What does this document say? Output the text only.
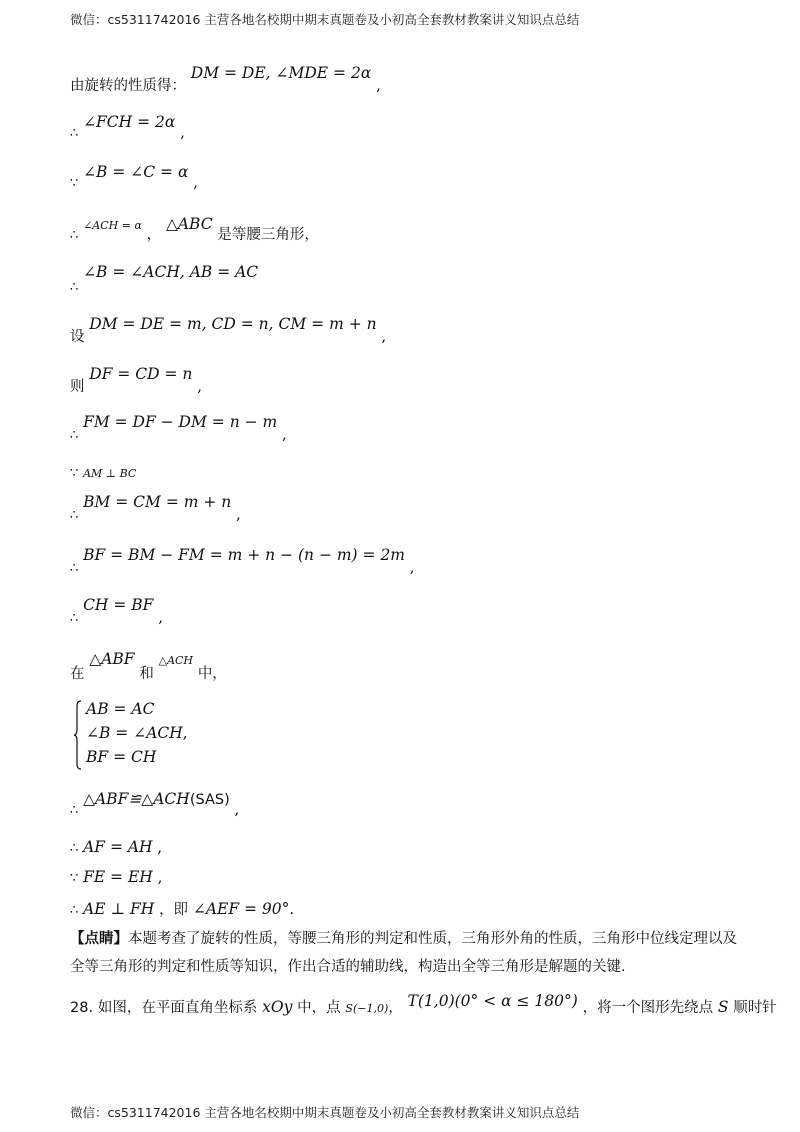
微信：cs5311742016 主营各地名校期中期末真题卷及小初高全套教材教案讲义知识点总结
由旋转的性质得： DM = DE, ∠MDE = 2α ,
∴ ∠FCH = 2α ,
∵ ∠B = ∠C = α ,
∴ ∠ACH = α ， △ABC 是等腰三角形，
∴ ∠B = ∠ACH, AB = AC
设 DM = DE = m, CD = n, CM = m + n ,
则 DF = CD = n ,
∴ FM = DF − DM = n − m ,
∵ AM ⊥ BC
∴ BM = CM = m + n ,
∴ BF = BM − FM = m + n − (n − m) = 2m ,
∴ CH = BF ,
在 △ABF 和 △ACH 中，
AB = AC
∠B = ∠ACH,
BF = CH
∴ △ABF≌△ACH(SAS) ,
∴ AF = AH ,
∵ FE = EH ,
∴ AE ⊥ FH ，即 ∠AEF = 90°.
【点睛】本题考查了旋转的性质，等腰三角形的判定和性质，三角形外角的性质，三角形中位线定理以及全等三角形的判定和性质等知识，作出合适的辅助线，构造出全等三角形是解题的关键.
28. 如图，在平面直角坐标系 xOy 中，点 $_{S(-1,0)}$， T(1,0)(0° < α ≤ 180°) ，将一个图形先绕点 S 顺时针
微信：cs5311742016 主营各地名校期中期末真题卷及小初高全套教材教案讲义知识点总结
